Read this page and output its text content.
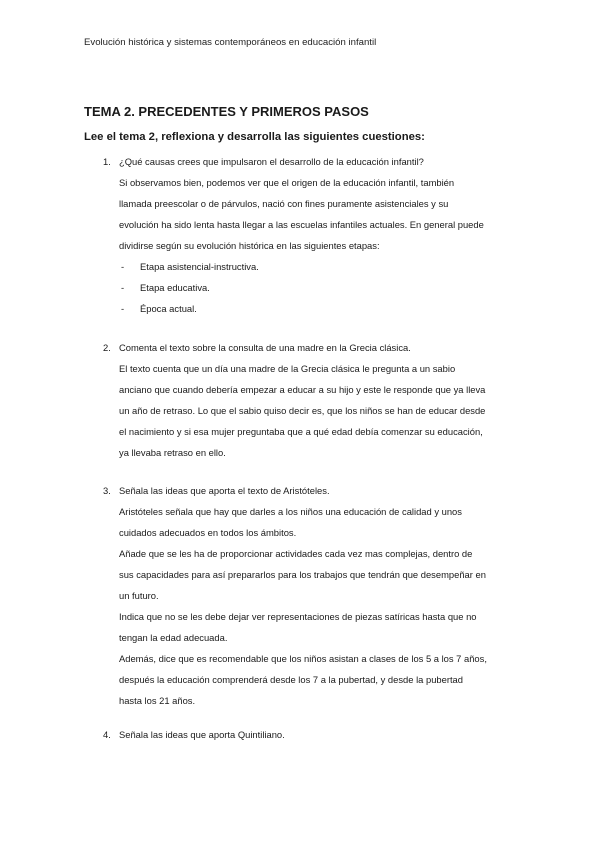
Evolución histórica y sistemas contemporáneos en educación infantil
TEMA 2. PRECEDENTES Y PRIMEROS PASOS
Lee el tema 2, reflexiona y desarrolla las siguientes cuestiones:
1. ¿Qué causas crees que impulsaron el desarrollo de la educación infantil?
Si observamos bien, podemos ver que el origen de la educación infantil, también
llamada preescolar o de párvulos, nació con fines puramente asistenciales y su
evolución ha sido lenta hasta llegar a las escuelas infantiles actuales. En general puede
dividirse según su evolución histórica en las siguientes etapas:
- Etapa asistencial-instructiva.
- Etapa educativa.
- Época actual.
2. Comenta el texto sobre la consulta de una madre en la Grecia clásica.
El texto cuenta que un día una madre de la Grecia clásica le pregunta a un sabio
anciano que cuando debería empezar a educar a su hijo y este le responde que ya lleva
un año de retraso. Lo que el sabio quiso decir es, que los niños se han de educar desde
el nacimiento y si esa mujer preguntaba que a qué edad debía comenzar su educación,
ya llevaba retraso en ello.
3. Señala las ideas que aporta el texto de Aristóteles.
Aristóteles señala que hay que darles a los niños una educación de calidad y unos
cuidados adecuados en todos los ámbitos.
Añade que se les ha de proporcionar actividades cada vez mas complejas, dentro de
sus capacidades para así prepararlos para los trabajos que tendrán que desempeñar en
un futuro.
Indica que no se les debe dejar ver representaciones de piezas satíricas hasta que no
tengan la edad adecuada.
Además, dice que es recomendable que los niños asistan a clases de los 5 a los 7 años,
después la educación comprenderá desde los 7 a la pubertad, y desde la pubertad
hasta los 21 años.
4. Señala las ideas que aporta Quintiliano.
